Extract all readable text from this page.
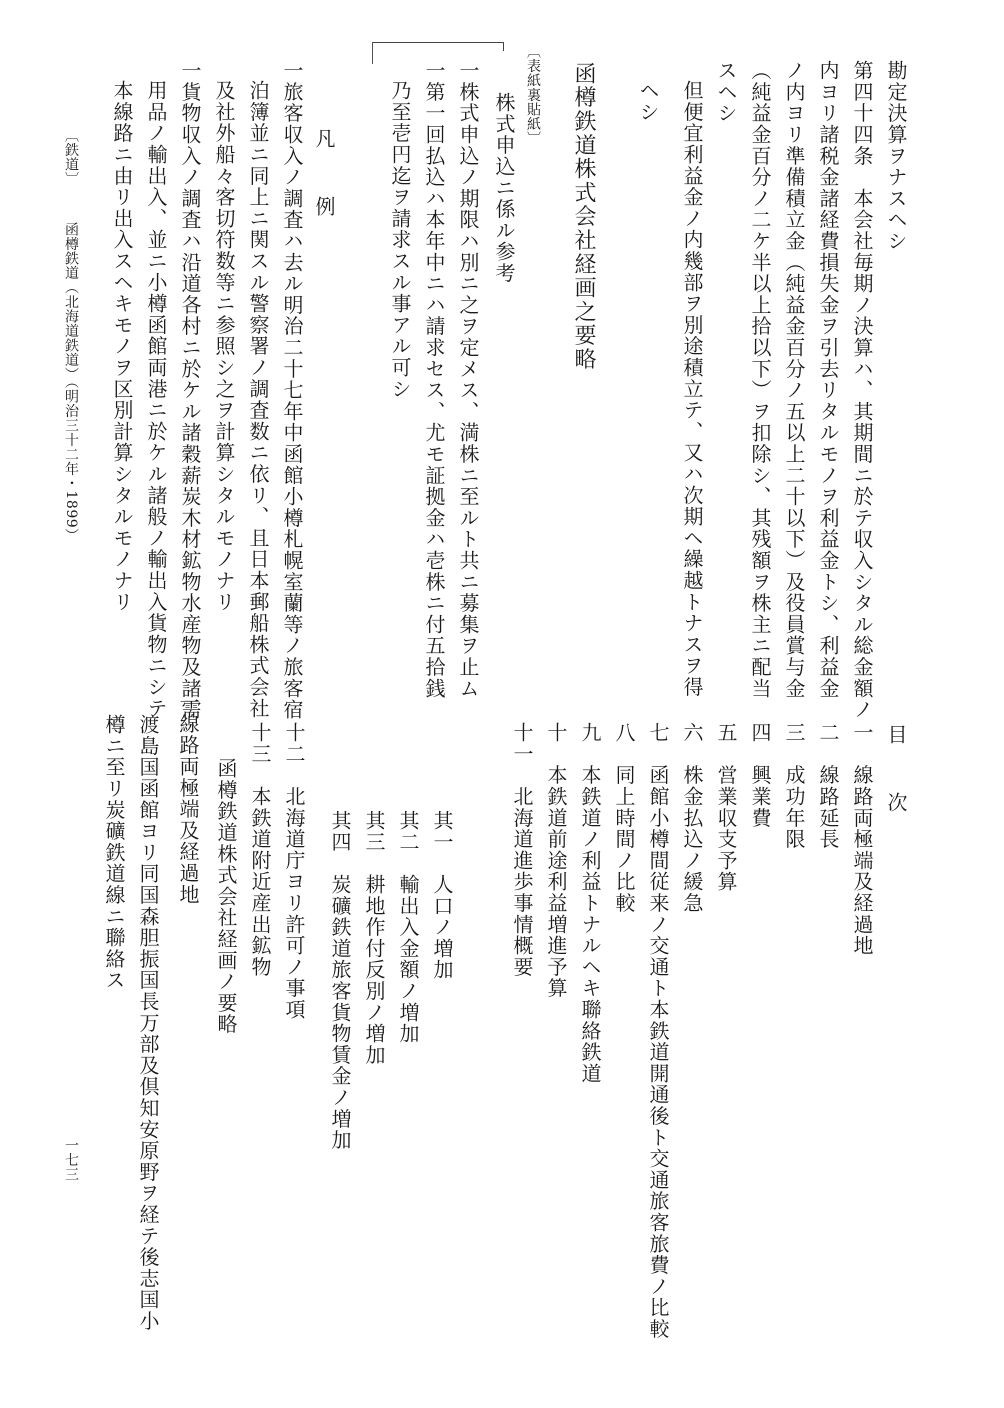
勘定決算ヲナスヘシ
第四十四条　本会社毎期ノ決算ハ、其期間ニ於テ収入シタル総金額ノ
内ヨリ諸税金諸経費損失金ヲ引去リタルモノヲ利益金トシ、利益金
ノ内ヨリ準備積立金（純益金百分ノ五以上二十以下）及役員賞与金
（純益金百分ノ二ケ半以上拾以下）ヲ扣除シ、其残額ヲ株主ニ配当
スヘシ
但便宜利益金ノ内幾部ヲ別途積立テ、又ハ次期ヘ繰越トナスヲ得
ヘシ
函樽鉄道株式会社経画之要略
〔表紙裏貼紙〕
株式申込ニ係ル参考
一株式申込ノ期限ハ別ニ之ヲ定メス、満株ニ至ルト共ニ募集ヲ止ム
一第一回払込ハ本年中ニハ請求セス、尤モ証拠金ハ壱株ニ付五拾銭
乃至壱円迄ヲ請求スル事アル可シ
凡　例
一旅客収入ノ調査ハ去ル明治二十七年中函館小樽札幌室蘭等ノ旅客宿
泊簿並ニ同上ニ関スル警察署ノ調査数ニ依リ、且日本郵船株式会社
及社外船々客切符数等ニ参照シ之ヲ計算シタルモノナリ
一貨物収入ノ調査ハ沿道各村ニ於ケル諸穀薪炭木材鉱物水産物及諸需
用品ノ輸出入、並ニ小樽函館両港ニ於ケル諸般ノ輸出入貨物ニシテ
本線路ニ由リ出入スヘキモノヲ区別計算シタルモノナリ
〔鉄道〕
函樽鉄道（北海道鉄道）（明治三十二年・1899）
一七三
目　次
一　線路両極端及経過地
二　線路延長
三　成功年限
四　興業費
五　営業収支予算
六　株金払込ノ緩急
七　函館小樽間従来ノ交通ト本鉄道開通後ト交通旅客旅費ノ比較
八　同上時間ノ比較
九　本鉄道ノ利益トナルヘキ聯絡鉄道
十　本鉄道前途利益増進予算
十一　北海道進歩事情概要
其一　人口ノ増加
其二　輸出入金額ノ増加
其三　耕地作付反別ノ増加
其四　炭礦鉄道旅客貨物賃金ノ増加
十二　北海道庁ヨリ許可ノ事項
十三　本鉄道附近産出鉱物
函樽鉄道株式会社経画ノ要略
一線路両極端及経過地
渡島国函館ヨリ同国森胆振国長万部及倶知安原野ヲ経テ後志国小
樽ニ至リ炭礦鉄道線ニ聯絡ス
